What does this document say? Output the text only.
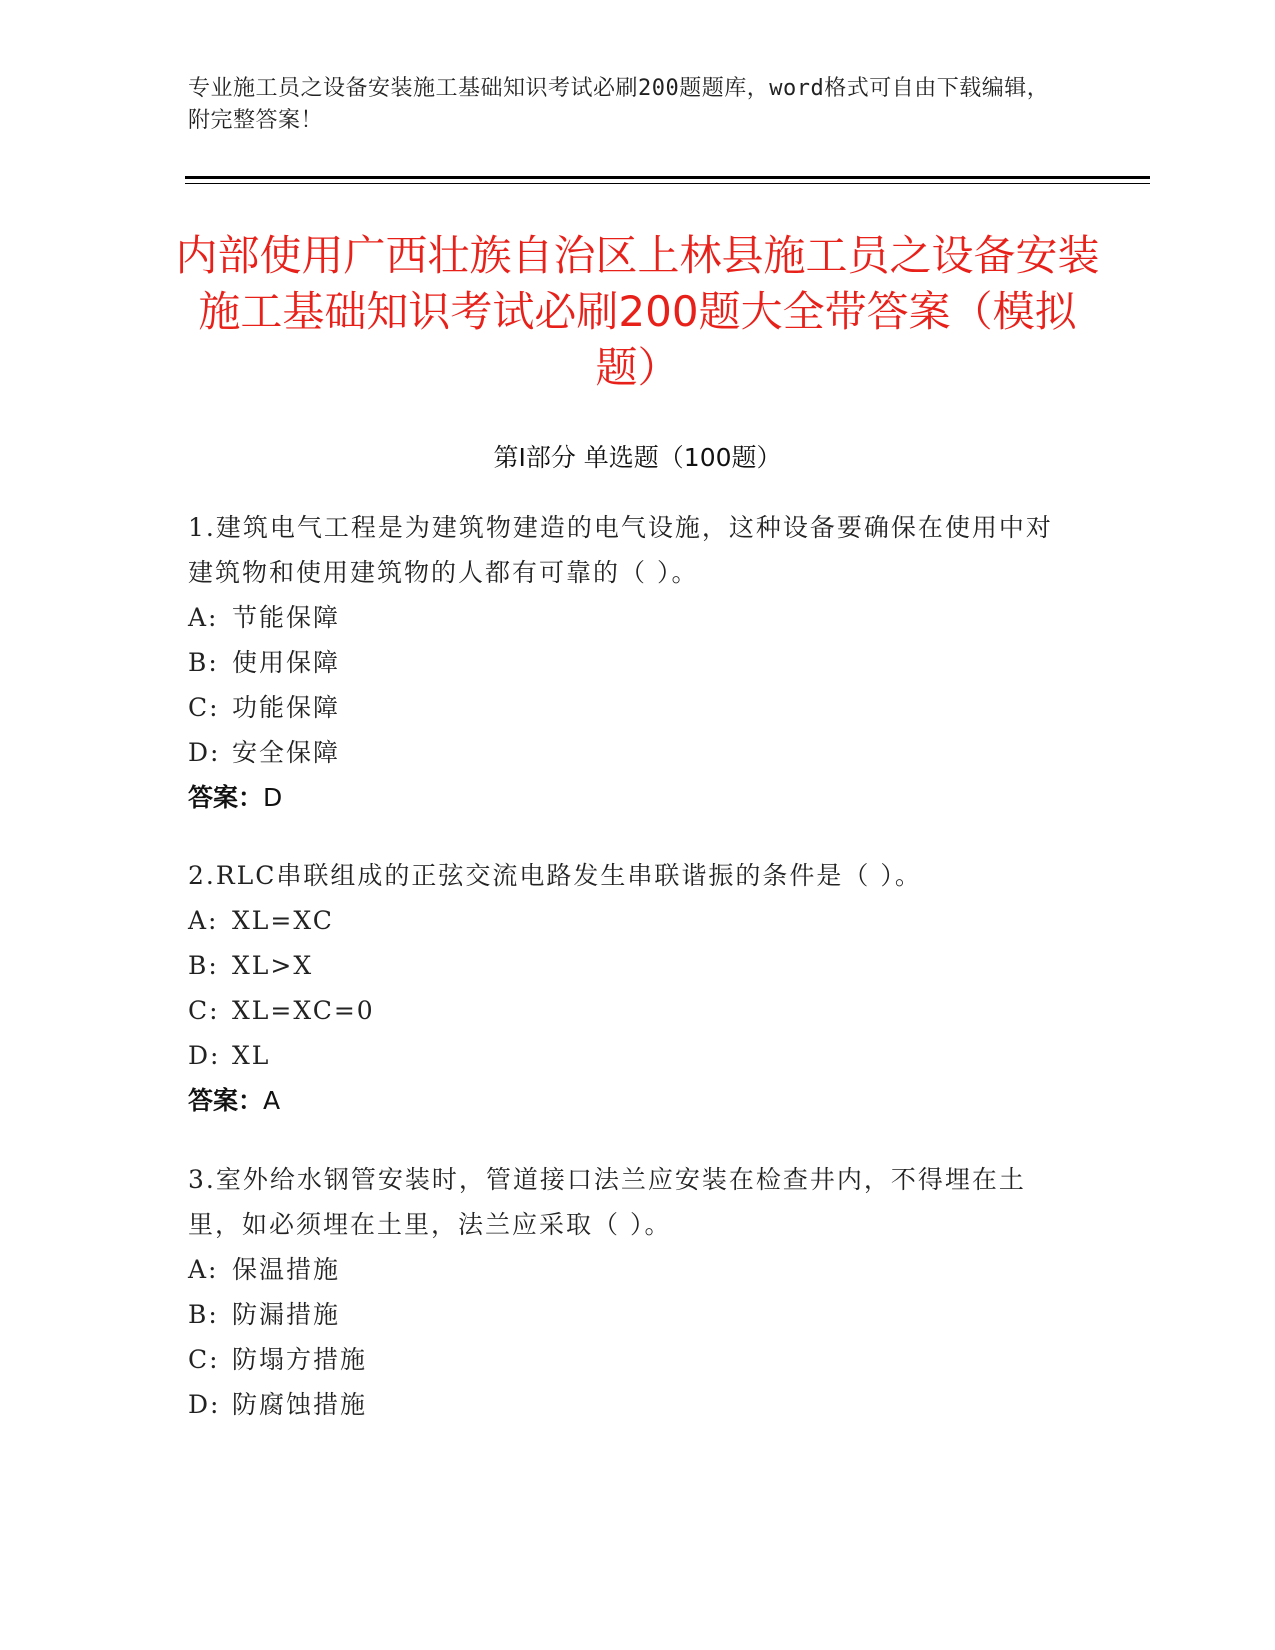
专业施工员之设备安装施工基础知识考试必刷200题题库，word格式可自由下载编辑，附完整答案！
内部使用广西壮族自治区上林县施工员之设备安装施工基础知识考试必刷200题大全带答案（模拟题）
第Ⅰ部分 单选题（100题）
1.建筑电气工程是为建筑物建造的电气设施，这种设备要确保在使用中对建筑物和使用建筑物的人都有可靠的（ ）。
A: 节能保障
B: 使用保障
C: 功能保障
D: 安全保障
答案：D
2.RLC串联组成的正弦交流电路发生串联谐振的条件是（ ）。
A: XL=XC
B: XL>X
C: XL=XC=0
D: XL
答案：A
3.室外给水钢管安装时，管道接口法兰应安装在检查井内，不得埋在土里，如必须埋在土里，法兰应采取（ ）。
A: 保温措施
B: 防漏措施
C: 防塌方措施
D: 防腐蚀措施
